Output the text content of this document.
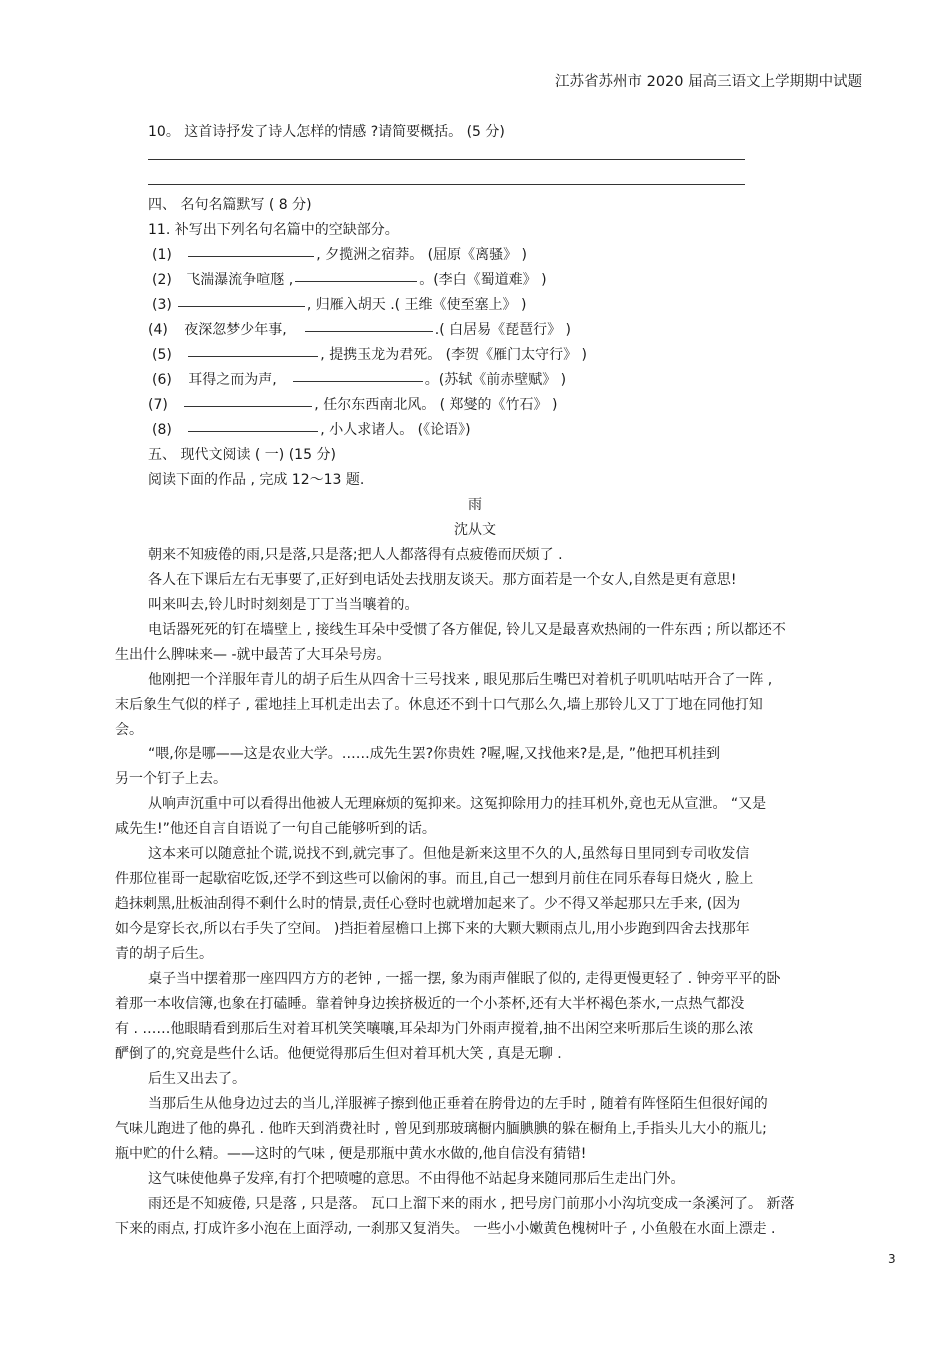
江苏省苏州市 2020 届高三语文上学期期中试题
10。 这首诗抒发了诗人怎样的情感 ?请简要概括。 (5 分)
四、 名句名篇默写 ( 8 分)
11. 补写出下列名句名篇中的空缺部分。
(1)	, 夕揽洲之宿莽。 (屈原《离骚》 )
(2) 飞湍瀑流争喧豗 ,	。(李白《蜀道难》 )
(3)	, 归雁入胡天 .( 王维《使至塞上》 )
(4) 夜深忽梦少年事,	.( 白居易《琵琶行》 )
(5)	, 提携玉龙为君死。 (李贺《雁门太守行》 )
(6) 耳得之而为声,	。(苏轼《前赤壁赋》 )
(7)	, 任尔东西南北风。 ( 郑燮的《竹石》 )
(8)	, 小人求诸人。 (《论语》)
五、 现代文阅读 ( 一) (15 分)
阅读下面的作品 , 完成 12～13 题.
雨
沈从文
朝来不知疲倦的雨,只是落,只是落;把人人都落得有点疲倦而厌烦了 .
各人在下课后左右无事要了,正好到电话处去找朋友谈天。那方面若是一个女人,自然是更有意思!
叫来叫去,铃儿时时刻刻是丁丁当当嚷着的。
电话器死死的钉在墙壁上 , 接线生耳朵中受惯了各方催促, 铃儿又是最喜欢热闹的一件东西 ; 所以都还不
生出什么脾味来— -就中最苦了大耳朵号房。
他刚把一个洋服年青儿的胡子后生从四舍十三号找来 , 眼见那后生嘴巴对着机子叽叽咕咕开合了一阵 ,
末后象生气似的样子 , 霍地挂上耳机走出去了。休息还不到十口气那么久,墙上那铃儿又丁丁地在同他打知
会。
“喂,你是哪——这是农业大学。……成先生罢?你贵姓 ?喔,喔,又找他来?是,是, ”他把耳机挂到
另一个钉子上去。
从响声沉重中可以看得出他被人无理麻烦的冤抑来。这冤抑除用力的挂耳机外,竟也无从宣泄。 “又是
咸先生!”他还自言自语说了一句自己能够听到的话。
这本来可以随意扯个谎,说找不到,就完事了。但他是新来这里不久的人,虽然每日里同到专司收发信
件那位崔哥一起歇宿吃饭,还学不到这些可以偷闲的事。而且,自己一想到月前住在同乐春每日烧火 , 脸上
趋抹刺黑,肚板油刮得不剩什么时的情景,责任心登时也就增加起来了。少不得又举起那只左手来, (因为
如今是穿长衣,所以右手失了空间。 )挡拒着屋檐口上掷下来的大颗大颗雨点儿,用小步跑到四舍去找那年
青的胡子后生。
桌子当中摆着那一座四四方方的老钟 , 一摇一摆, 象为雨声催眠了似的, 走得更慢更轻了 . 钟旁平平的卧
着那一本收信簿,也象在打磕睡。靠着钟身边挨挤极近的一个小茶杯,还有大半杯褐色茶水,一点热气都没
有 . ……他眼睛看到那后生对着耳机笑笑嚷嚷,耳朵却为门外雨声搅着,抽不出闲空来听那后生谈的那么浓
酽倒了的,究竟是些什么话。他便觉得那后生但对着耳机大笑 , 真是无聊 .
后生又出去了。
当那后生从他身边过去的当儿,洋服裤子擦到他正垂着在胯骨边的左手时 , 随着有阵怪陌生但很好闻的
气味儿跑进了他的鼻孔 . 他昨天到消费社时 , 曾见到那玻璃橱内腼腆腆的躲在橱角上,手指头儿大小的瓶儿;
瓶中贮的什么精。——这时的气味 , 便是那瓶中黄水水做的,他自信没有猜错!
这气味使他鼻子发痒,有打个把喷嚏的意思。不由得他不站起身来随同那后生走出门外。
雨还是不知疲倦, 只是落 , 只是落。 瓦口上溜下来的雨水 , 把号房门前那小小沟坑变成一条溪河了。 新落
下来的雨点, 打成许多小泡在上面浮动, 一刹那又复消失。 一些小小嫩黄色槐树叶子 , 小鱼般在水面上漂走 .
3
